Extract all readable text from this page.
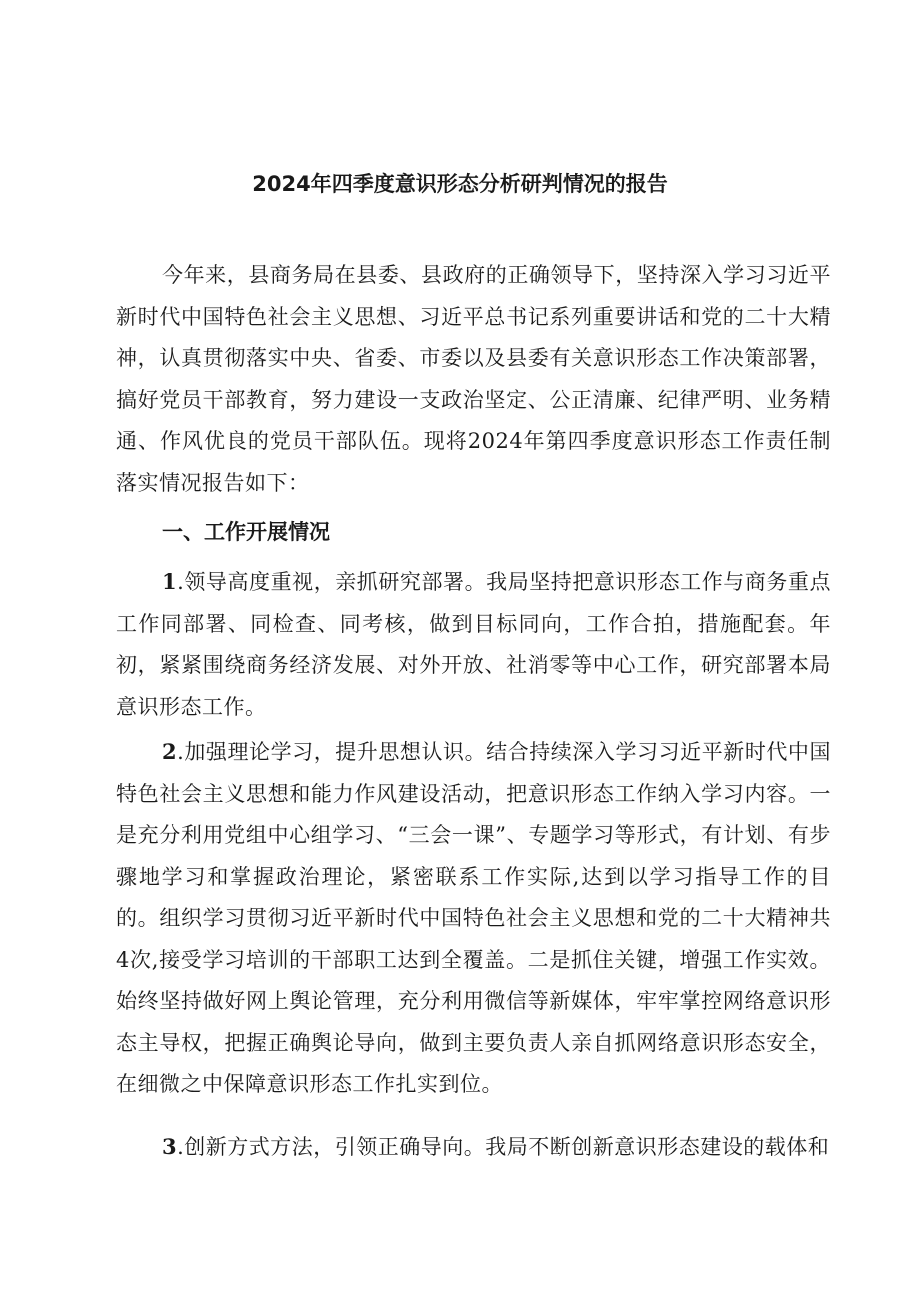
2024年四季度意识形态分析研判情况的报告

今年来，县商务局在县委、县政府的正确领导下，坚持深入学习习近平新时代中国特色社会主义思想、习近平总书记系列重要讲话和党的二十大精神，认真贯彻落实中央、省委、市委以及县委有关意识形态工作决策部署，搞好党员干部教育，努力建设一支政治坚定、公正清廉、纪律严明、业务精通、作风优良的党员干部队伍。现将2024年第四季度意识形态工作责任制落实情况报告如下：

一、工作开展情况

1.领导高度重视，亲抓研究部署。我局坚持把意识形态工作与商务重点工作同部署、同检查、同考核，做到目标同向，工作合拍，措施配套。年初，紧紧围绕商务经济发展、对外开放、社消零等中心工作，研究部署本局意识形态工作。

2.加强理论学习，提升思想认识。结合持续深入学习习近平新时代中国特色社会主义思想和能力作风建设活动，把意识形态工作纳入学习内容。一是充分利用党组中心组学习、“三会一课”、专题学习等形式，有计划、有步骤地学习和掌握政治理论，紧密联系工作实际,达到以学习指导工作的目的。组织学习贯彻习近平新时代中国特色社会主义思想和党的二十大精神共4次,接受学习培训的干部职工达到全覆盖。二是抓住关键，增强工作实效。始终坚持做好网上舆论管理，充分利用微信等新媒体，牢牢掌控网络意识形态主导权，把握正确舆论导向，做到主要负责人亲自抓网络意识形态安全，在细微之中保障意识形态工作扎实到位。

3.创新方式方法，引领正确导向。我局不断创新意识形态建设的载体和
